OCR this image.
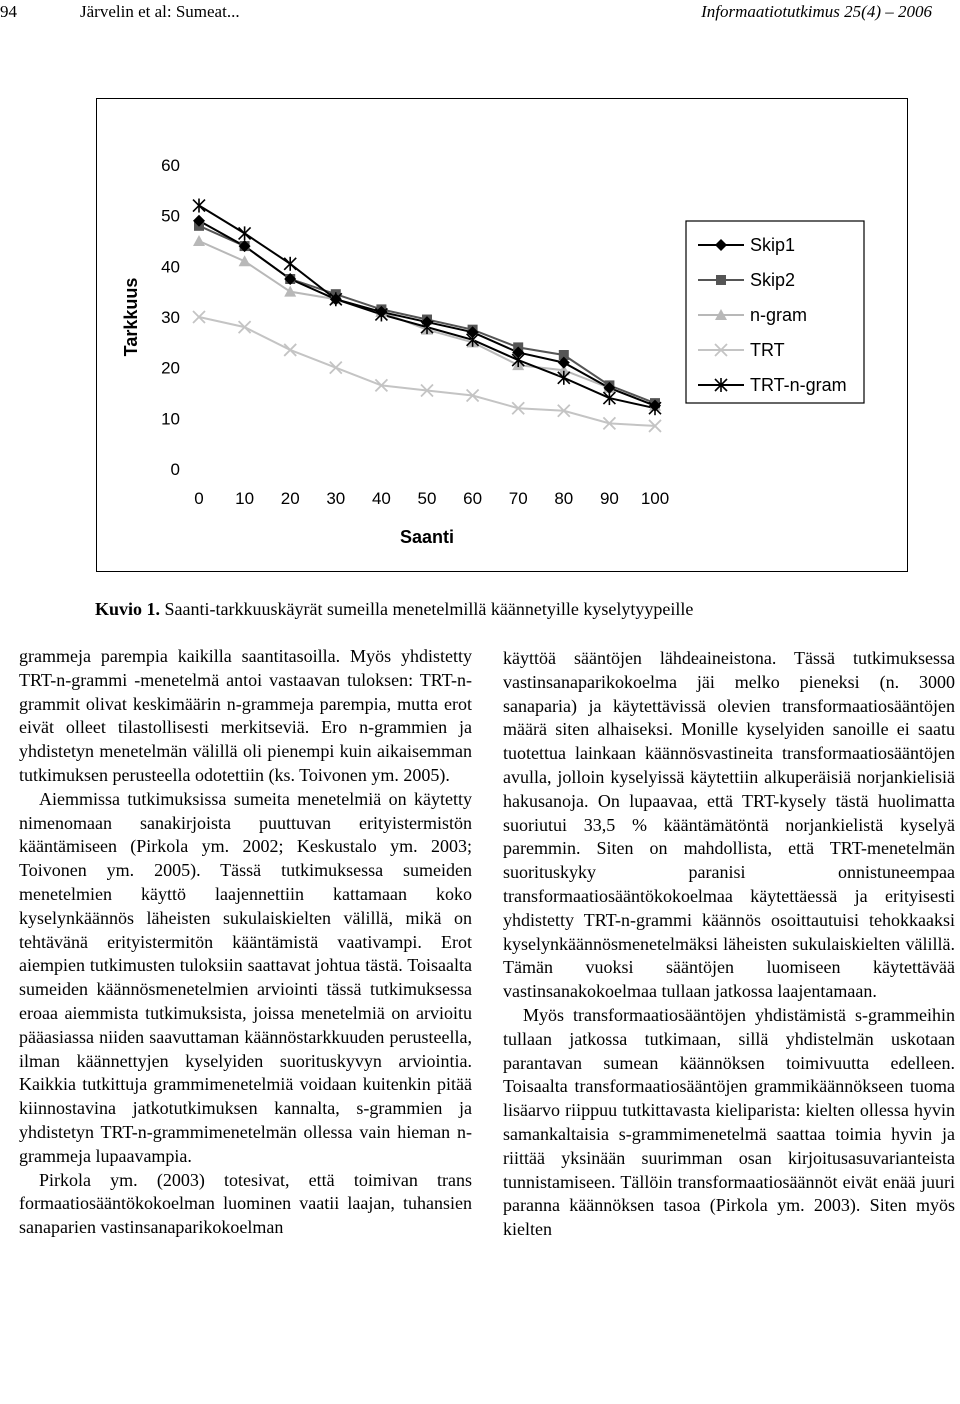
94	Järvelin et al: Sumeat...	Informaatiotutkimus 25(4) – 2006
0
10
20
30
40
50
60
0 10 20 30 40 50 60 70 80 90 100
Saanti
Tarkkuus
Skip1
Skip2
n-gram
TRT
TRT-n-gram
Kuvio 1. Saanti-tarkkuuskäyrät sumeilla menetelmillä käännetyille kyselytyypeille

grammeja parempia kaikilla saantitasoilla. Myös yhdistetty TRT-n-grammi -menetelmä antoi vastaavan tuloksen: TRT-n-grammit olivat keskimäärin n-grammeja parempia, mutta erot eivät olleet tilastollisesti merkitseviä. Ero n-grammien ja yhdistetyn menetelmän välillä oli pienempi kuin aikaisemman tutkimuksen perusteella odotettiin (ks. Toivonen ym. 2005).

Aiemmissa tutkimuksissa sumeita menetelmiä on käytetty nimenomaan sanakirjoista puuttuvan erityistermistön kääntämiseen (Pirkola ym. 2002; Keskustalo ym. 2003; Toivonen ym. 2005). Tässä tutkimuksessa sumeiden menetelmien käyttö laajennettiin kattamaan koko kyselynkäännös läheisten sukulaiskielten välillä, mikä on tehtävänä erityistermitön kääntämistä vaativampi. Erot aiempien tutkimusten tuloksiin saattavat johtua tästä. Toisaalta sumeiden käännösmenetelmien arviointi tässä tutkimuksessa eroaa aiemmista tutkimuksista, joissa menetelmiä on arvioitu pääasiassa niiden saavuttaman käännöstarkkuuden perusteella, ilman käännettyjen kyselyiden suorituskyvyn arviointia. Kaikkia tutkittuja grammimenetelmiä voidaan kuitenkin pitää kiinnostavina jatkotutkimuksen kannalta, s-grammien ja yhdistetyn TRT-n-grammimenetelmän ollessa vain hieman n-grammeja lupaavampia.

Pirkola ym. (2003) totesivat, että toimivan trans formaatiosääntökokoelman luominen vaatii laajan, tuhansien sanaparien vastinsanaparikokoelman

käyttöä sääntöjen lähdeaineistona. Tässä tutkimuksessa vastinsanaparikokoelma jäi melko pieneksi (n. 3000 sanaparia) ja käytettävissä olevien transformaatiosääntöjen määrä siten alhaiseksi. Monille kyselyiden sanoille ei saatu tuotettua lainkaan käännösvastineita transformaatiosääntöjen avulla, jolloin kyselyissä käytettiin alkuperäisiä norjankielisiä hakusanoja. On lupaavaa, että TRT-kysely tästä huolimatta suoriutui 33,5 % kääntämätöntä norjankielistä kyselyä paremmin. Siten on mahdollista, että TRT-menetelmän suorituskyky paranisi onnistuneempaa transformaatiosääntökokoelmaa käytettäessä ja erityisesti yhdistetty TRT-n-grammi käännös osoittautuisi tehokkaaksi kyselynkäännösmenetelmäksi läheisten sukulaiskielten välillä. Tämän vuoksi sääntöjen luomiseen käytettävää vastinsanakokoelmaa tullaan jatkossa laajentamaan.

Myös transformaatiosääntöjen yhdistämistä s-grammeihin tullaan jatkossa tutkimaan, sillä yhdistelmän uskotaan parantavan sumean käännöksen toimivuutta edelleen. Toisaalta transformaatiosääntöjen grammikäännökseen tuoma lisäarvo riippuu tutkittavasta kieliparista: kielten ollessa hyvin samankaltaisia s-grammimenetelmä saattaa toimia hyvin ja riittää yksinään suurimman osan kirjoitusasuvarianteista tunnistamiseen. Tällöin transformaatiosäännöt eivät enää juuri paranna käännöksen tasoa (Pirkola ym. 2003). Siten myös kielten
